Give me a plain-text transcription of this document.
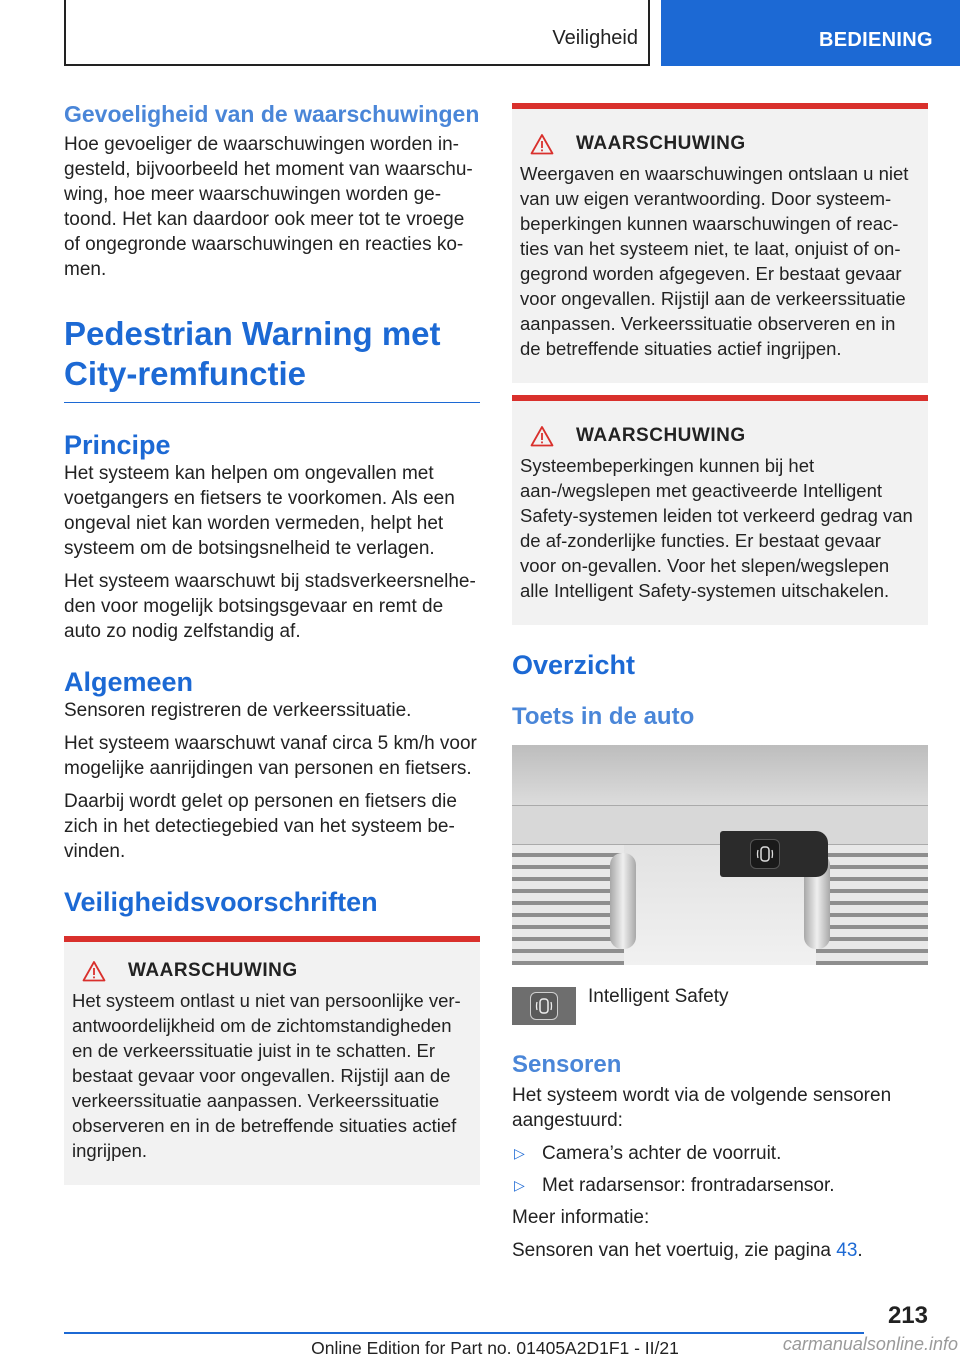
Veiligheid	BEDIENING
Gevoeligheid van de waarschuwingen

Hoe gevoeliger de waarschuwingen worden in-gesteld, bijvoorbeeld het moment van waarschu-wing, hoe meer waarschuwingen worden ge-toond. Het kan daardoor ook meer tot te vroege of ongegronde waarschuwingen en reacties ko-men.

Pedestrian Warning met City-remfunctie
Principe

Het systeem kan helpen om ongevallen met voetgangers en fietsers te voorkomen. Als een ongeval niet kan worden vermeden, helpt het systeem om de botsingsnelheid te verlagen.

Het systeem waarschuwt bij stadsverkeersnelhe-den voor mogelijk botsingsgevaar en remt de auto zo nodig zelfstandig af.

Algemeen

Sensoren registreren de verkeerssituatie.

Het systeem waarschuwt vanaf circa 5 km/h voor mogelijke aanrijdingen van personen en fietsers.

Daarbij wordt gelet op personen en fietsers die zich in het detectiegebied van het systeem be-vinden.

Veiligheidsvoorschriften
WAARSCHUWING

Het systeem ontlast u niet van persoonlijke ver-antwoordelijkheid om de zichtomstandigheden en de verkeerssituatie juist in te schatten. Er bestaat gevaar voor ongevallen. Rijstijl aan de verkeerssituatie aanpassen. Verkeerssituatie observeren en in de betreffende situaties actief ingrijpen.

WAARSCHUWING

Weergaven en waarschuwingen ontslaan u niet van uw eigen verantwoording. Door systeem-beperkingen kunnen waarschuwingen of reac-ties van het systeem niet, te laat, onjuist of on-gegrond worden afgegeven. Er bestaat gevaar voor ongevallen. Rijstijl aan de verkeerssituatie aanpassen. Verkeerssituatie observeren en in de betreffende situaties actief ingrijpen.

WAARSCHUWING

Systeembeperkingen kunnen bij het aan-/wegslepen met geactiveerde Intelligent Safety-systemen leiden tot verkeerd gedrag van de af-zonderlijke functies. Er bestaat gevaar voor on-gevallen. Voor het slepen/wegslepen alle Intelligent Safety-systemen uitschakelen.

Overzicht
Toets in de auto
Intelligent Safety
Sensoren

Het systeem wordt via de volgende sensoren aangestuurd:

▷ Camera’s achter de voorruit.
▷ Met radarsensor: frontradarsensor.

Meer informatie:

Sensoren van het voertuig, zie pagina 43.

213
Online Edition for Part no. 01405A2D1F1 - II/21	carmanualsonline.info
